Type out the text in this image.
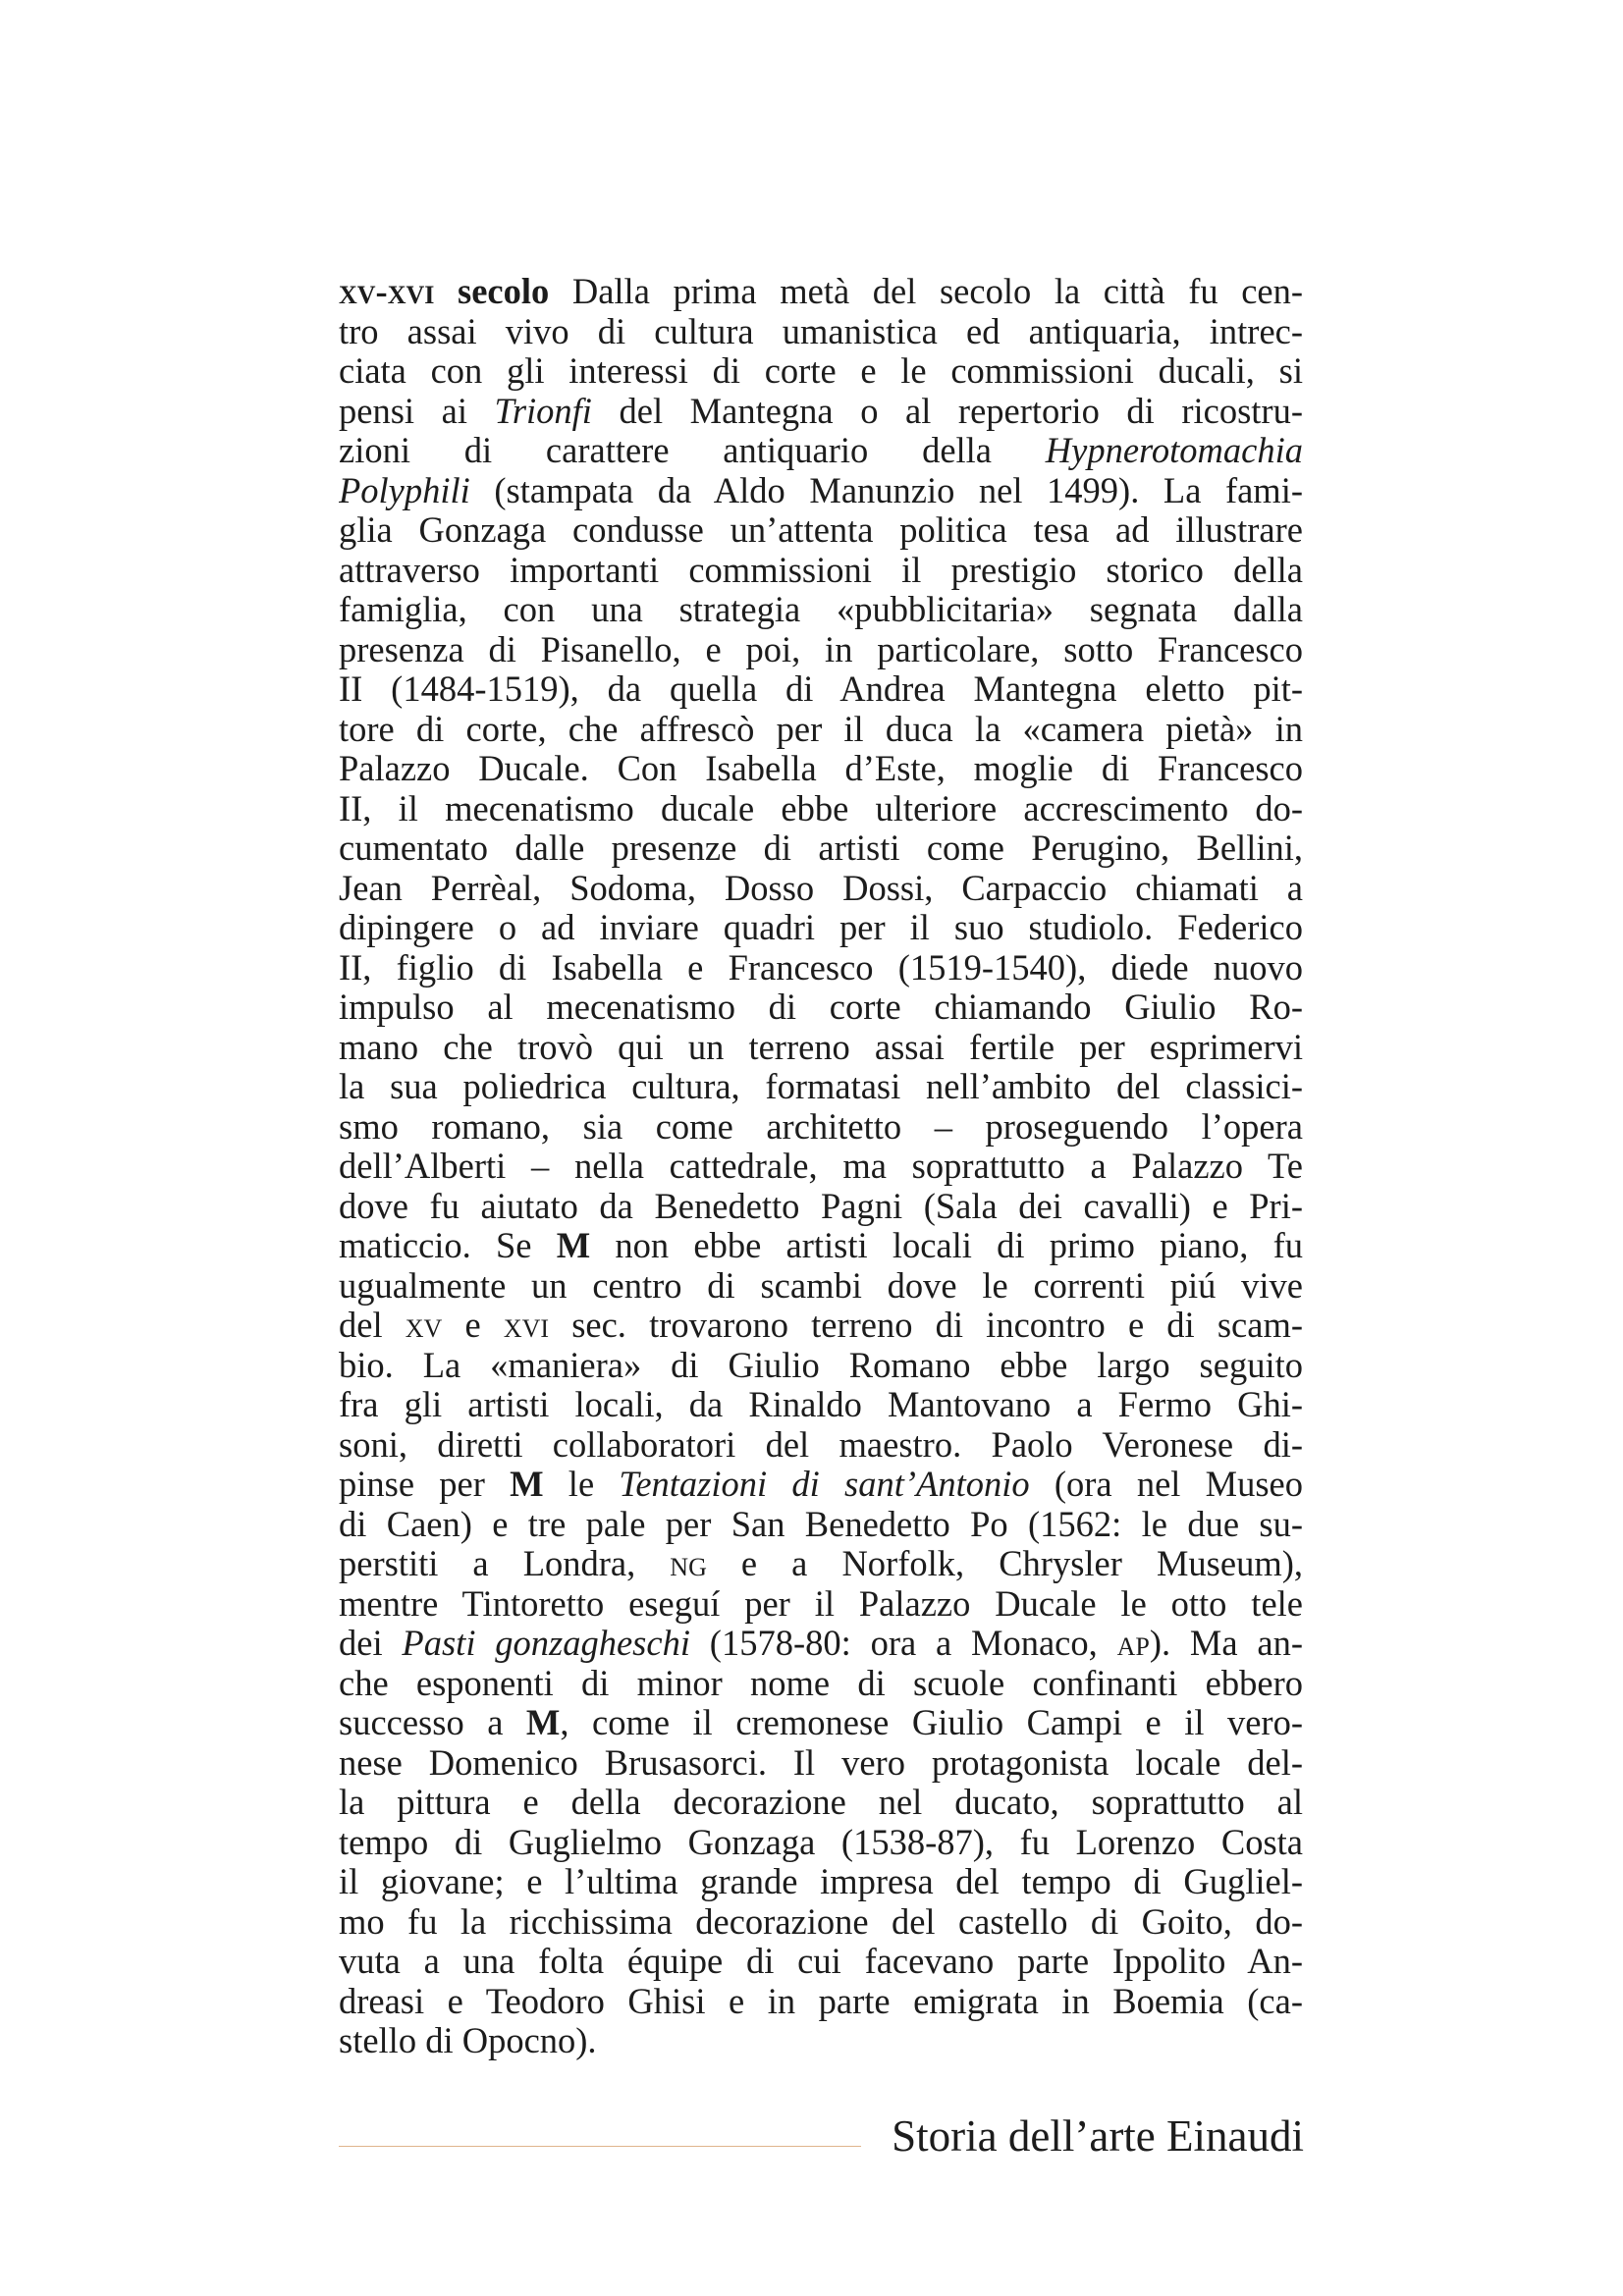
xv-xvi secolo Dalla prima metà del secolo la città fu cen-
tro assai vivo di cultura umanistica ed antiquaria, intrec-
ciata con gli interessi di corte e le commissioni ducali, si
pensi ai Trionfi del Mantegna o al repertorio di ricostru-
zioni di carattere antiquario della Hypnerotomachia
Polyphili (stampata da Aldo Manunzio nel 1499). La fami-
glia Gonzaga condusse un’attenta politica tesa ad illustrare
attraverso importanti commissioni il prestigio storico della
famiglia, con una strategia «pubblicitaria» segnata dalla
presenza di Pisanello, e poi, in particolare, sotto Francesco
II (1484-1519), da quella di Andrea Mantegna eletto pit-
tore di corte, che affrescò per il duca la «camera pietà» in
Palazzo Ducale. Con Isabella d’Este, moglie di Francesco
II, il mecenatismo ducale ebbe ulteriore accrescimento do-
cumentato dalle presenze di artisti come Perugino, Bellini,
Jean Perrèal, Sodoma, Dosso Dossi, Carpaccio chiamati a
dipingere o ad inviare quadri per il suo studiolo. Federico
II, figlio di Isabella e Francesco (1519-1540), diede nuovo
impulso al mecenatismo di corte chiamando Giulio Ro-
mano che trovò qui un terreno assai fertile per esprimervi
la sua poliedrica cultura, formatasi nell’ambito del classici-
smo romano, sia come architetto – proseguendo l’opera
dell’Alberti – nella cattedrale, ma soprattutto a Palazzo Te
dove fu aiutato da Benedetto Pagni (Sala dei cavalli) e Pri-
maticcio. Se M non ebbe artisti locali di primo piano, fu
ugualmente un centro di scambi dove le correnti piú vive
del xv e xvi sec. trovarono terreno di incontro e di scam-
bio. La «maniera» di Giulio Romano ebbe largo seguito
fra gli artisti locali, da Rinaldo Mantovano a Fermo Ghi-
soni, diretti collaboratori del maestro. Paolo Veronese di-
pinse per M le Tentazioni di sant’Antonio (ora nel Museo
di Caen) e tre pale per San Benedetto Po (1562: le due su-
perstiti a Londra, ng e a Norfolk, Chrysler Museum),
mentre Tintoretto eseguí per il Palazzo Ducale le otto tele
dei Pasti gonzagheschi (1578-80: ora a Monaco, ap). Ma an-
che esponenti di minor nome di scuole confinanti ebbero
successo a M, come il cremonese Giulio Campi e il vero-
nese Domenico Brusasorci. Il vero protagonista locale del-
la pittura e della decorazione nel ducato, soprattutto al
tempo di Guglielmo Gonzaga (1538-87), fu Lorenzo Costa
il giovane; e l’ultima grande impresa del tempo di Gugliel-
mo fu la ricchissima decorazione del castello di Goito, do-
vuta a una folta équipe di cui facevano parte Ippolito An-
dreasi e Teodoro Ghisi e in parte emigrata in Boemia (ca-
stello di Opocno).
Storia dell’arte Einaudi
